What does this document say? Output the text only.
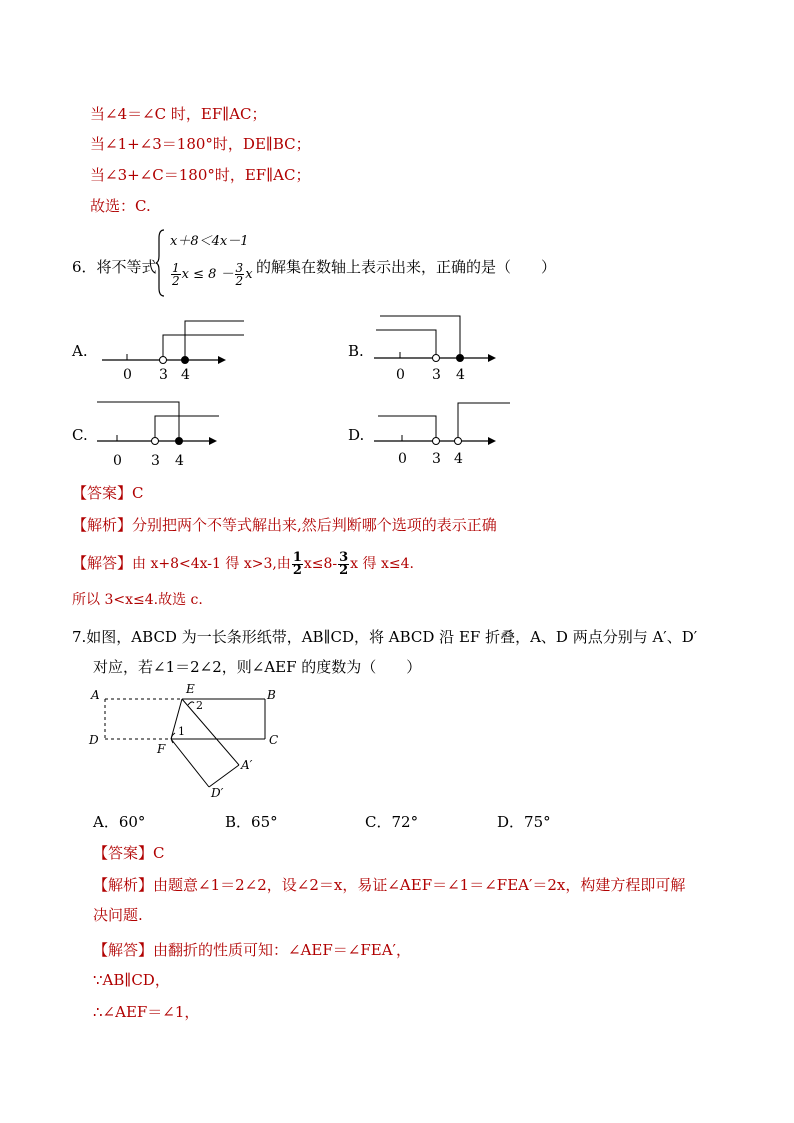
当∠4＝∠C 时，EF∥AC；
当∠1+∠3＝180°时，DE∥BC；
当∠3+∠C＝180°时，EF∥AC；
故选：C.
6．将不等式
x＋8＜4x－1
$\frac{1}{2}$ $x \le 8 - \frac{3}{2}$ x 的解集在数轴上表示出来，正确的是（　　）
A.
0 3 4
B.
0 3 4
C.
0 3 4
D.
0 3 4
【答案】C
【解析】分别把两个不等式解出来,然后判断哪个选项的表示正确
【解答】由 x+8<4x-1 得 x>3,由 $\frac{1}{2} x\le 8- \frac{3}{2}$ x 得 x≤4.
所以 3<x≤4.故选 c.
7.如图，ABCD 为一长条形纸带，AB∥CD，将 ABCD 沿 EF 折叠，A、D 两点分别与 A′、D′
对应，若∠1＝2∠2，则∠AEF 的度数为（　　）
A	E	B
D
F
C
A′
D′
1
2
A．60°	B．65°	C．72°	D．75°
【答案】C
【解析】由题意∠1＝2∠2，设∠2＝x，易证∠AEF＝∠1＝∠FEA′＝2x，构建方程即可解
决问题.
【解答】由翻折的性质可知：∠AEF＝∠FEA′，
∵AB∥CD，
∴∠AEF＝∠1，
